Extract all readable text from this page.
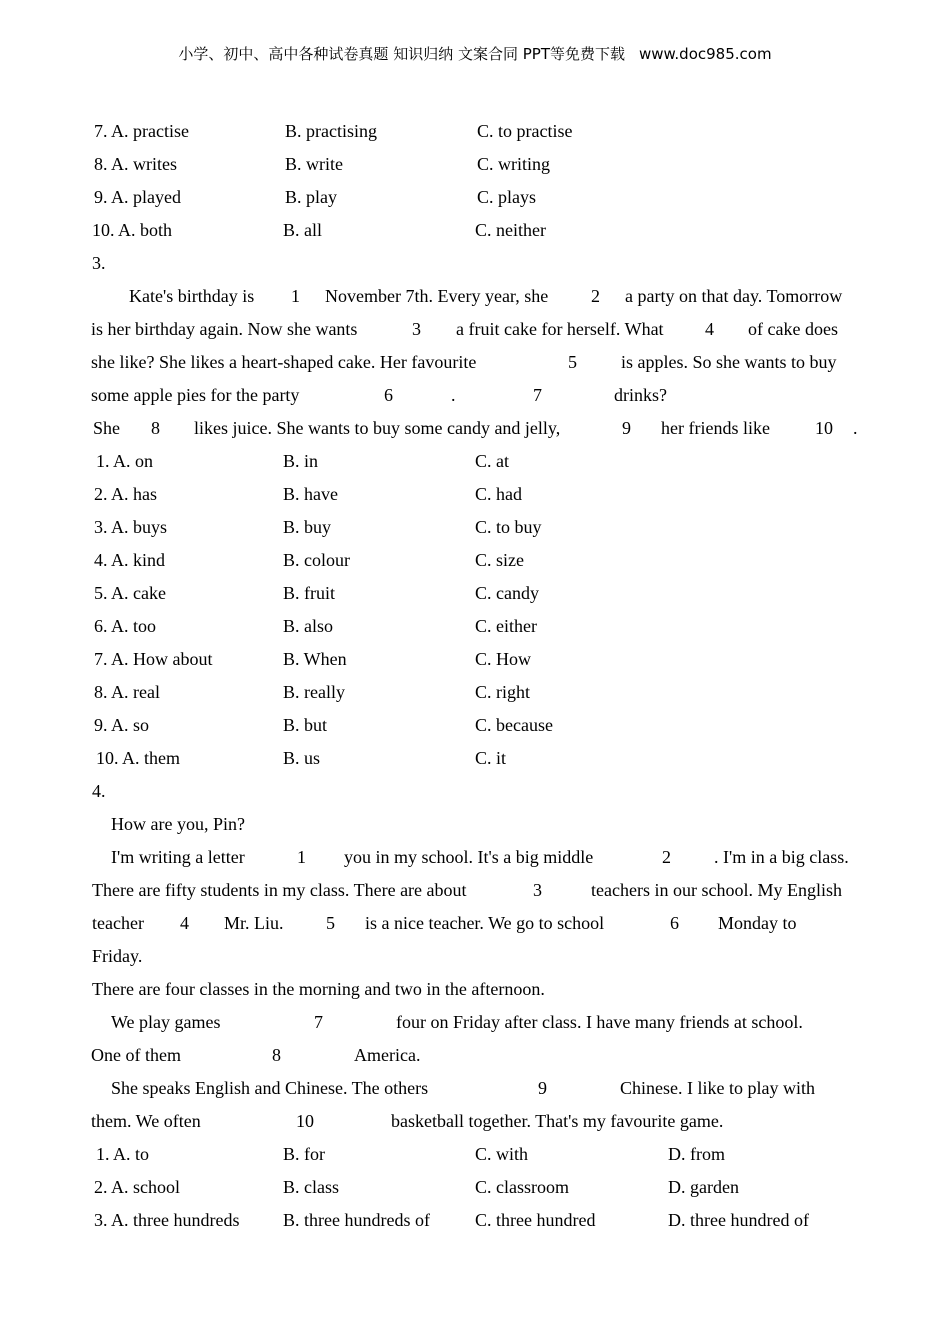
小学、初中、高中各种试卷真题 知识归纳 文案合同 PPT等免费下载 www.doc985.com
7. A. practise	B. practising	C. to practise
8. A. writes	B. write	C. writing
9. A. played	B. play	C. plays
10. A. both	B. all	C. neither
3.
Kate's birthday is 1 November 7th. Every year, she 2 a party on that day. Tomorrow
is her birthday again. Now she wants	3 a fruit cake for herself. What 4 of cake does
she like? She likes a heart-shaped cake. Her favourite	5 is apples. So she wants to buy
some apple pies for the party	6	.	7	drinks?
She 8 likes juice. She wants to buy some candy and jelly,	9 her friends like	10 .
1. A. on	B. in	C. at
2. A. has	B. have	C. had
3. A. buys	B. buy	C. to buy
4. A. kind	B. colour	C. size
5. A. cake	B. fruit	C. candy
6. A. too	B. also	C. either
7. A. How about	B. When	C. How
8. A. real	B. really	C. right
9. A. so	B. but	C. because
10. A. them	B. us	C. it
4.
How are you, Pin?
I'm writing a letter	1 you in my school. It's a big middle	2 . I'm in a big class.
There are fifty students in my class. There are about	3	teachers in our school. My English
teacher 4 Mr. Liu. 5 is a nice teacher. We go to school	6 Monday to
Friday.
There are four classes in the morning and two in the afternoon.
We play games	7	four on Friday after class. I have many friends at school.
One of them	8	America.
She speaks English and Chinese. The others	9	Chinese. I like to play with
them. We often	10	basketball together. That's my favourite game.
1. A. to	B. for	C. with	D. from
2. A. school	B. class	C. classroom	D. garden
3. A. three hundreds B. three hundreds of	C. three hundred	D. three hundred of
